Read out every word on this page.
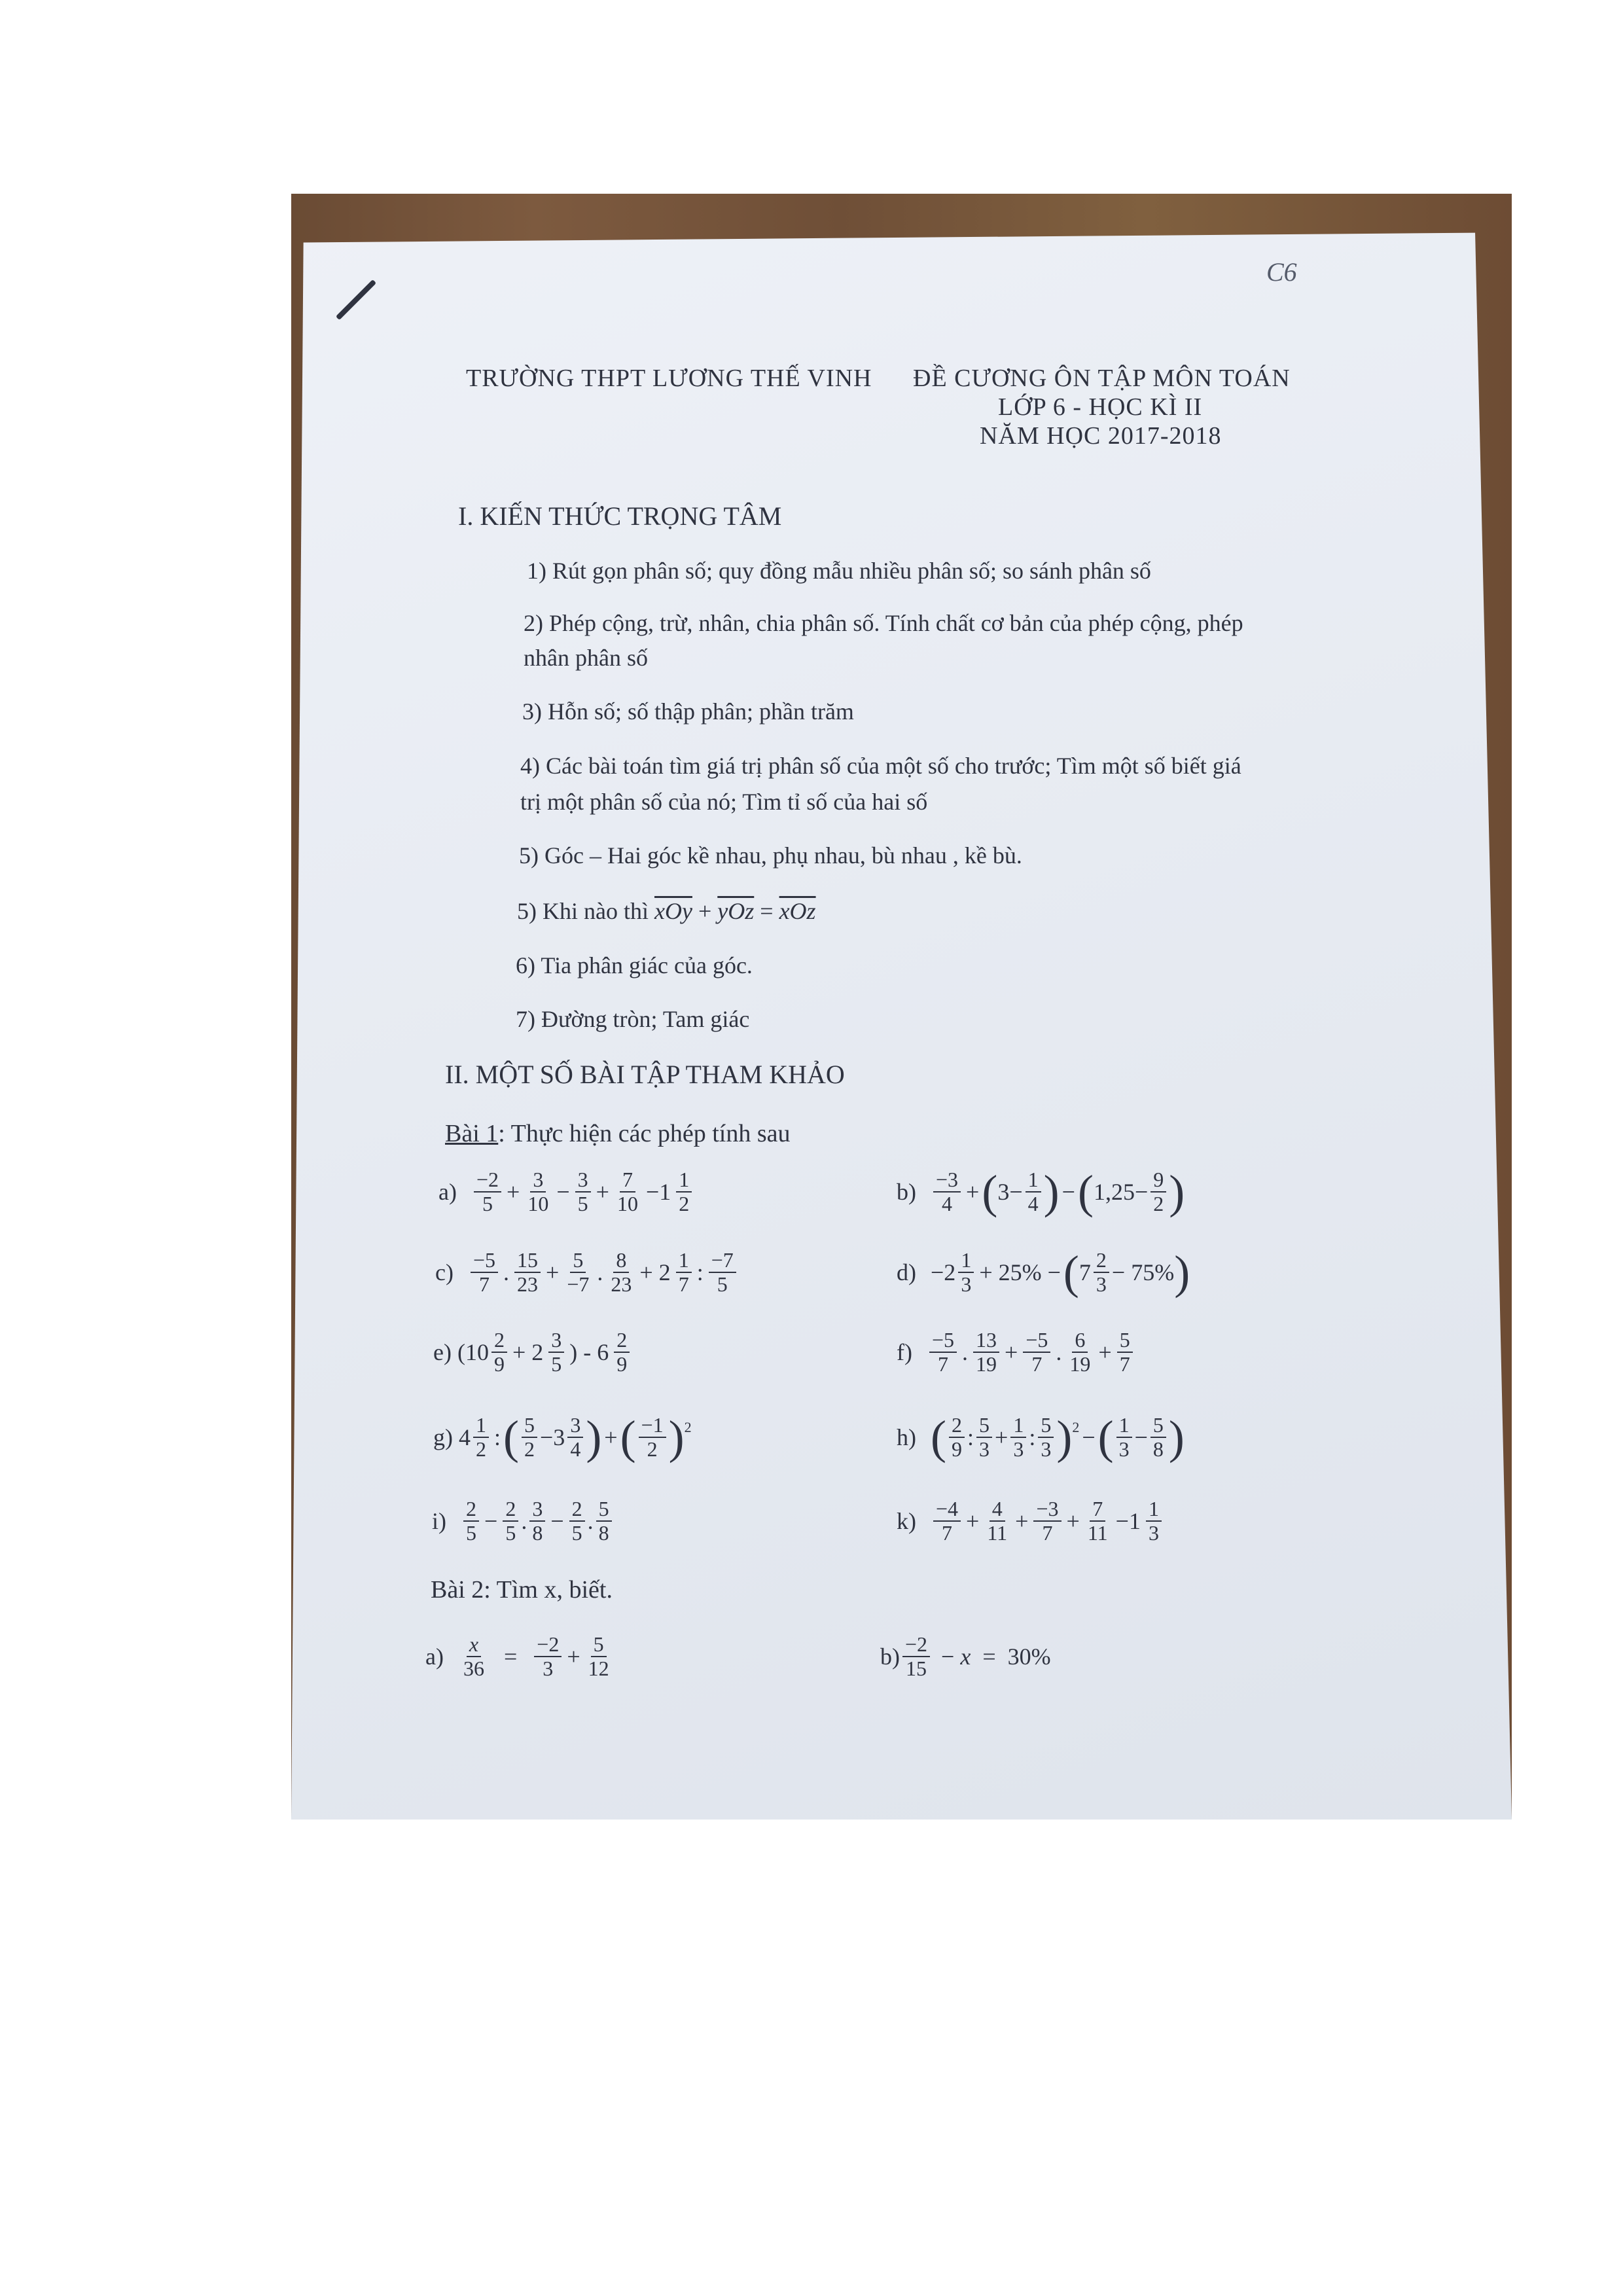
C6
TRƯỜNG THPT LƯƠNG THẾ VINH ĐỀ CƯƠNG ÔN TẬP MÔN TOÁN
LỚP 6 - HỌC KÌ II
NĂM HỌC 2017-2018
I. KIẾN THỨC TRỌNG TÂM
1) Rút gọn phân số; quy đồng mẫu nhiều phân số; so sánh phân số
2) Phép cộng, trừ, nhân, chia phân số. Tính chất cơ bản của phép cộng, phép
nhân phân số
3) Hỗn số; số thập phân; phần trăm
4) Các bài toán tìm giá trị phân số của một số cho trước; Tìm một số biết giá
trị một phân số của nó; Tìm tỉ số của hai số
5) Góc – Hai góc kề nhau, phụ nhau, bù nhau , kề bù.
5) Khi nào thì $\overline{xOy} + \overline{yOz} = \overline{xOz}$
6) Tia phân giác của góc.
7) Đường tròn; Tam giác
II. MỘT SỐ BÀI TẬP THAM KHẢO
Bài 1: Thực hiện các phép tính sau
$a) \frac{-2}{5} + \frac{3}{10} - \frac{3}{5} + \frac{7}{10} -1 \frac{1}{2}$	$b) \frac{-3}{4}$ + ( $3- \frac{1}{4}$ ) − ( $1,25- \frac{9}{2}$ )
$c) \frac{-5}{7}$ . $\frac{15}{23} + \frac{5}{-7}$ . $\frac{8}{23} + 2 \frac{1}{7}$ : $\frac{-7}{5}$	$d) -2 \frac{1}{3} + 25\%$ − ( $7 \frac{2}{3} - 75\%$ )
e) ($10 \frac{2}{9} + 2 \frac{3}{5}$ ) - $6 \frac{2}{9}$	$f) \frac{-5}{7}$ . $\frac{13}{19} + \frac{-5}{7}$ . $\frac{6}{19} + \frac{5}{7}$
g) $4 \frac{1}{2}$ : ( $\frac{5}{2} -3 \frac{3}{4}$ ) + ( $\frac{-1}{2}$ ) 2	h) ( $\frac{2}{9}$ : $\frac{5}{3} + \frac{1}{3}$ : $\frac{5}{3}$ ) 2 − ( $\frac{1}{3} - \frac{5}{8}$ )
$i) \frac{2}{5} - \frac{2}{5}$ . $\frac{3}{8} - \frac{2}{5}$ . $\frac{5}{8}$	$k) \frac{-4}{7} + \frac{4}{11} + \frac{-3}{7} + \frac{7}{11} -1 \frac{1}{3}$
Bài 2: Tìm x, biết.
$a) \frac{x}{36} = \frac{-2}{3} + \frac{5}{12}$	$b) \frac{-2}{15} - x = 30\%$
